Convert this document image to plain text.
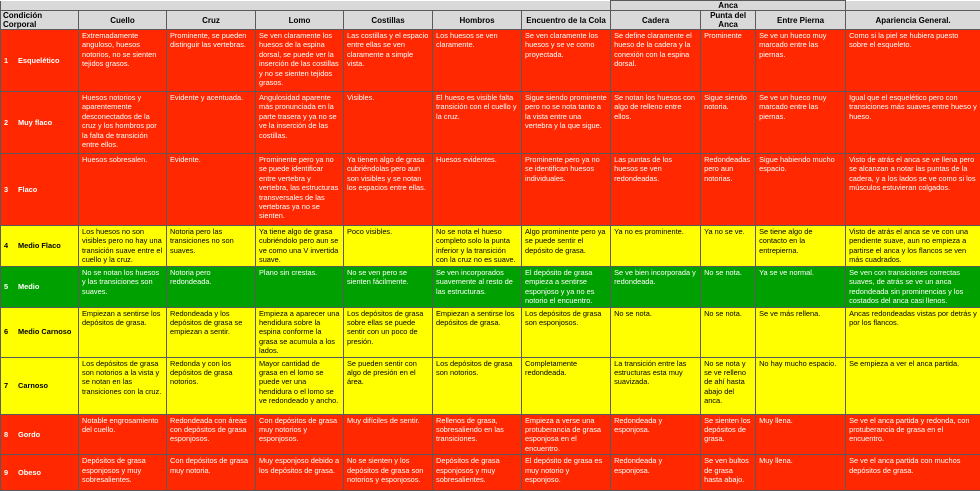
							Anca			
Condición Corporal	Cuello	Cruz	Lomo	Costillas	Hombros	Encuentro de la Cola	Cadera	Punta del Anca	Entre Pierna	Apariencia General.
1 Esquelético	Extremadamente anguloso, huesos notorios, no se sienten tejidos grasos.	Prominente, se pueden distinguir las vertebras.	Se ven claramente los huesos de la espina dorsal, se puede ver la inserción de las costillas y no se sienten tejidos grasos.	Las costillas y el espacio entre ellas se ven claramente a simple vista.	Los huesos se ven claramente.	Se ven claramente los huesos y se ve como proyectada.	Se define claramente el hueso de la cadera y la conexión con la espina dorsal.	Prominente	Se ve un hueco muy marcado entre las piernas.	Como si la piel se hubiera puesto sobre el esqueleto.
2 Muy flaco	Huesos notorios y aparentemente desconectados de la cruz y los hombros por la falta de transición entre ellos.	Evidente y acentuada.	Angulosidad aparente más pronunciada en la parte trasera y ya no se ve la inserción de las costillas.	Visibles.	El hueso es visible falta transición con el cuello y la cruz.	Sigue siendo prominente pero no se nota tanto a la vista entre una vertebra y la que sigue.	Se notan los huesos con algo de relleno entre ellos.	Sigue siendo notoria.	Se ve un hueco muy marcado entre las piernas.	Igual que el esquelético pero con transiciones más suaves entre hueso y hueso.
3 Flaco	Huesos sobresalen.	Evidente.	Prominente pero ya no se puede identificar entre vertebra y vertebra, las estructuras transversales de las vertebras ya no se sienten.	Ya tienen algo de grasa cubriéndolas pero aun son visibles y se notan los espacios entre ellas.	Huesos evidentes.	Prominente pero ya no se identifican huesos individuales.	Las puntas de los huesos se ven redondeadas.	Redondeadas pero aun notorias.	Sigue habiendo mucho espacio.	Visto de atrás el anca se ve llena pero se alcanzan a notar las puntas de la cadera, y a los lados se ve como si los músculos estuvieran colgados.
4 Medio Flaco	Los huesos no son visibles pero no hay una transición suave entre el cuello y la cruz.	Notoria pero las transiciones no son suaves.	Ya tiene algo de grasa cubriéndolo pero aun se ve como una V invertida suave.	Poco visibles.	No se nota el hueso completo solo la punta inferior y la transición con la cruz no es suave.	Algo prominente pero ya se puede sentir el depósito de grasa.	Ya no es prominente.	Ya no se ve.	Se tiene algo de contacto en la entrepierna.	Visto de atrás el anca se ve con una pendiente suave, aun no empieza a partirse el anca y los flancos se ven más cuadrados.
5 Medio	No se notan los huesos y las transiciones son suaves.	Notoria pero redondeada.	Plano sin crestas.	No se ven pero se sienten fácilmente.	Se ven incorporados suavemente al resto de las estructuras.	El depósito de grasa empieza a sentirse esponjoso y ya no es notorio el encuentro.	Se ve bien incorporada y redondeada.	No se nota.	Ya se ve normal.	Se ven con transiciones correctas suaves, de atrás se ve un anca redondeada sin prominencias y los costados del anca casi llenos.
6 Medio Carnoso	Empiezan a sentirse los depósitos de grasa.	Redondeada y los depósitos de grasa se empiezan a sentir.	Empieza a aparecer una hendidura sobre la espina conforme la grasa se acumula a los lados.	Los depósitos de grasa sobre ellas se puede sentir con un poco de presión.	Empiezan a sentirse los depósitos de grasa.	Los depósitos de grasa son esponjosos.	No se nota.	No se nota.	Se ve más rellena.	Ancas redondeadas vistas por detrás y por los flancos.
7 Carnoso	Los depósitos de grasa son notorios a la vista y se notan en las transiciones con la cruz.	Redonda y con los depósitos de grasa notorios.	Mayor cantidad de grasa en el lomo se puede ver una hendidura o el lomo se ve redondeado y ancho.	Se pueden sentir con algo de presión en el área.	Los depósitos de grasa son notorios.	Completamente redondeada.	La transición entre las estructuras esta muy suavizada.	No se nota y se ve relleno de ahí hasta abajo del anca.	No hay mucho espacio.	Se empieza a ver el anca partida.
8 Gordo	Notable engrosamiento del cuello.	Redondeada con áreas con depósitos de grasa esponjosos.	Con depósitos de grasa muy notorios y esponjosos.	Muy difíciles de sentir.	Rellenos de grasa, sobresaliendo en las transiciones.	Empieza a verse una protuberancia de grasa esponjosa en el encuentro.	Redondeada y esponjosa.	Se sienten los depósitos de grasa.	Muy llena.	Se ve el anca partida y redonda, con protuberancia de grasa en el encuentro.
9 Obeso	Depósitos de grasa esponjosos y muy sobresalientes.	Con depósitos de grasa muy notoria.	Muy esponjoso debido a los depósitos de grasa.	No se sienten y los depósitos de grasa son notorios y esponjosos.	Depósitos de grasa esponjosos y muy sobresalientes.	El depósito de grasa es muy notorio y esponjoso.	Redondeada y esponjosa.	Se ven bultos de grasa hasta abajo.	Muy llena.	Se ve el anca partida con muchos depósitos de grasa.
